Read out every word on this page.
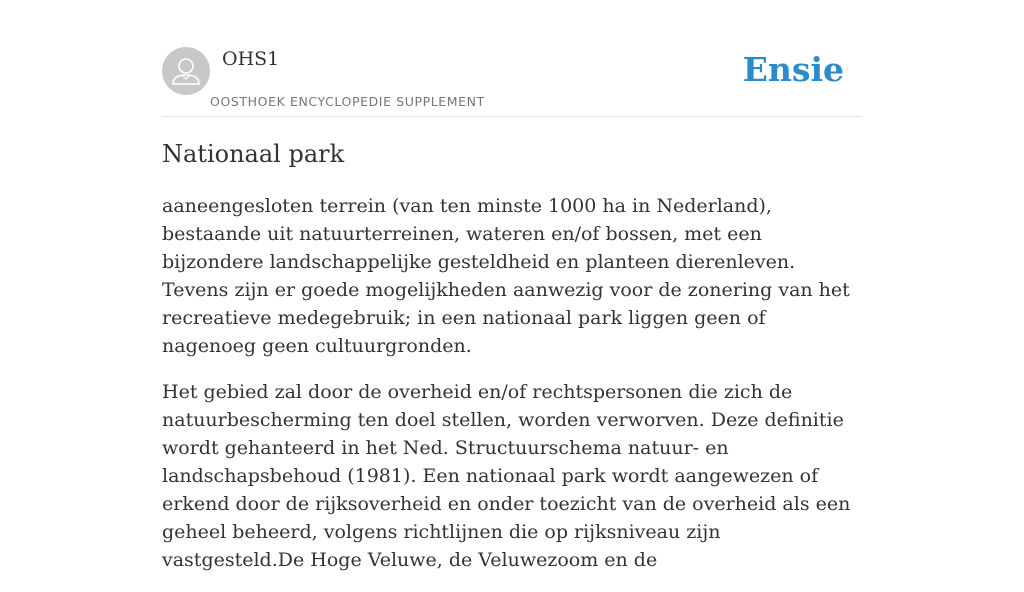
OHS1
OOSTHOEK ENCYCLOPEDIE SUPPLEMENT
Ensie
Nationaal park

aaneengesloten terrein (van ten minste 1000 ha in Nederland), bestaande uit natuurterreinen, wateren en/of bossen, met een bijzondere landschappelijke gesteldheid en planteen dierenleven. Tevens zijn er goede mogelijkheden aanwezig voor de zonering van het recreatieve medegebruik; in een nationaal park liggen geen of nagenoeg geen cultuurgronden.

Het gebied zal door de overheid en/of rechtspersonen die zich de natuurbescherming ten doel stellen, worden verworven. Deze definitie wordt gehanteerd in het Ned. Structuurschema natuur- en landschapsbehoud (1981). Een nationaal park wordt aangewezen of erkend door de rijksoverheid en onder toezicht van de overheid als een geheel beheerd, volgens richtlijnen die op rijksniveau zijn vastgesteld.De Hoge Veluwe, de Veluwezoom en de
